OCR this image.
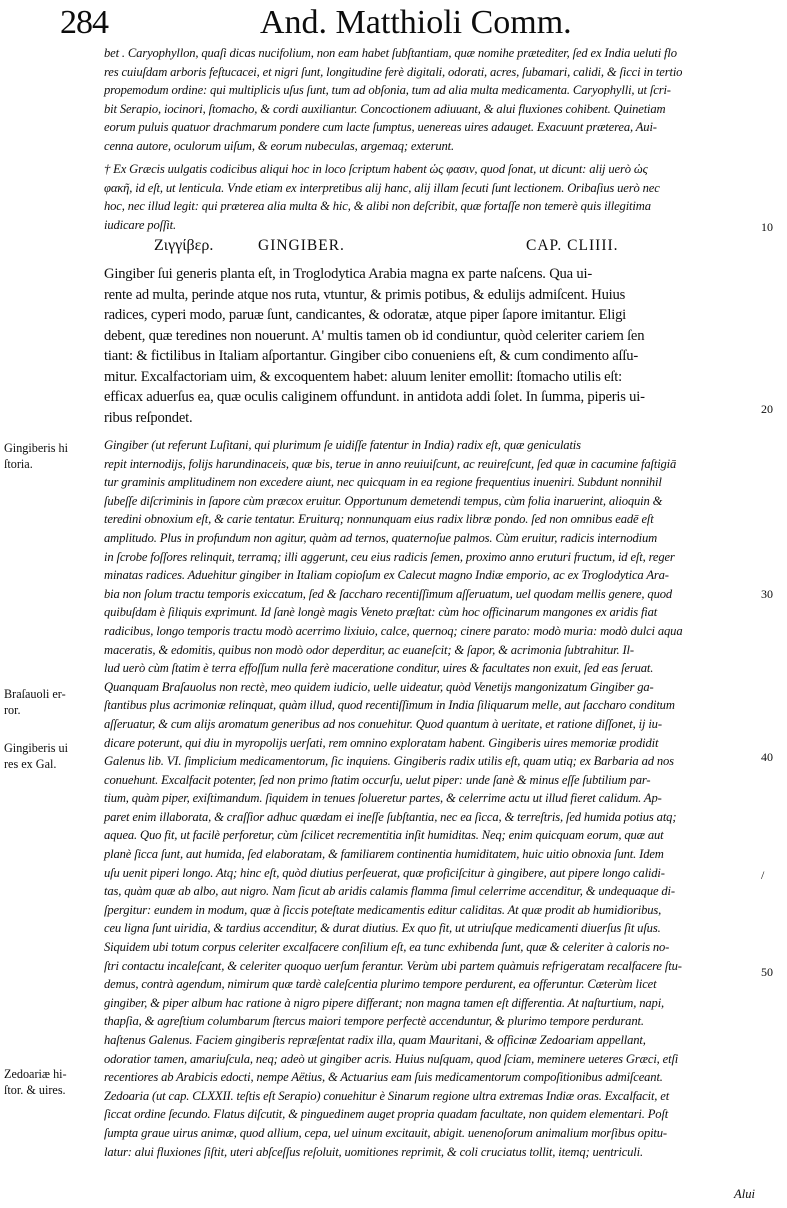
284	And. Matthioli Comm.
bet . Caryophyllon, quaſi dicas nucifolium, non eam habet ſubſtantiam, quæ nomihe prætediter, ſed ex India ueluti flo
res cuiuſdam arboris feſtucacei, et nigri ſunt, longitudine ferè digitali, odorati, acres, ſubamari, calidi, & ſicci in tertio
propemodum ordine: qui multiplicis uſus ſunt, tum ad obſonia, tum ad alia multa medicamenta. Caryophylli, ut ſcri-
bit Serapio, iocinori, ſtomacho, & cordi auxiliantur. Concoctionem adiuuant, & alui fluxiones cohibent. Quinetiam
eorum puluis quatuor drachmarum pondere cum lacte ſumptus, uenereas uires adauget. Exacuunt præterea, Aui-
cenna autore, oculorum uiſum, & eorum nubeculas, argemaq; exterunt.
† Ex Græcis uulgatis codicibus aliqui hoc in loco ſcriptum habent ὡς φασιν, quod ſonat, ut dicunt: alij uerò ὡς
φακῆ, id eſt, ut lenticula. Vnde etiam ex interpretibus alij hanc, alij illam ſecuti ſunt lectionem. Oribaſius uerò nec
hoc, nec illud legit: qui præterea alia multa & hic, & alibi non deſcribit, quæ fortaſſe non temerè quis illegitima
iudicare poſſit.
Ζιγγίβερ.	GINGIBER.	CAP. CLIIII.
Gingiber ſui generis planta eſt, in Troglodytica Arabia magna ex parte naſcens. Qua ui-
rente ad multa, perinde atque nos ruta, vtuntur, & primis potibus, & edulijs admiſcent. Huius
radices, cyperi modo, paruæ ſunt, candicantes, & odoratæ, atque piper ſapore imitantur. Eligi
debent, quæ teredines non nouerunt. A' multis tamen ob id condiuntur, quòd celeriter cariem ſen
tiant: & fictilibus in Italiam aſportantur. Gingiber cibo conueniens eſt, & cum condimento aſſu-
mitur. Excalfactoriam uim, & excoquentem habet: aluum leniter emollit: ſtomacho utilis eſt:
efficax aduerſus ea, quæ oculis caliginem offundunt. in antidota addi ſolet. In ſumma, piperis ui-
ribus reſpondet.
Gingiber (ut referunt Luſitani, qui plurimum ſe uidiſſe fatentur in India) radix eſt, quæ geniculatis
repit internodijs, folijs harundinaceis, quæ bis, terue in anno reuiuiſcunt, ac reuireſcunt, ſed quæ in cacumine faſtigiā
tur graminis amplitudinem non excedere aiunt, nec quicquam in ea regione frequentius inueniri. Subdunt nonnihil
ſubeſſe diſcriminis in ſapore cùm præcox eruitur. Opportunum demetendi tempus, cùm folia inaruerint, alioquin &
teredini obnoxium eſt, & carie tentatur. Eruiturq; nonnunquam eius radix libræ pondo. ſed non omnibus eadē eſt
amplitudo. Plus in profundum non agitur, quàm ad ternos, quaternoſue palmos. Cùm eruitur, radicis internodium
in ſcrobe foſſores relinquit, terramq; illi aggerunt, ceu eius radicis ſemen, proximo anno eruturi fructum, id eſt, reger
minatas radices. Aduehitur gingiber in Italiam copioſum ex Calecut magno Indiæ emporio, ac ex Troglodytica Ara-
bia non ſolum tractu temporis exiccatum, ſed & ſaccharo recentiſſimum aſſeruatum, uel quodam mellis genere, quod
quibuſdam è ſiliquis exprimunt. Id ſanè longè magis Veneto præſtat: cùm hoc officinarum mangones ex aridis fiat
radicibus, longo temporis tractu modò acerrimo lixiuio, calce, quernoq; cinere parato: modò muria: modò dulci aqua
maceratis, & edomitis, quibus non modò odor deperditur, ac euaneſcit; & ſapor, & acrimonia ſubtrahitur. Il-
lud uerò cùm ſtatim è terra effoſſum nulla ferè maceratione conditur, uires & facultates non exuit, ſed eas ſeruat.
Quanquam Braſauolus non rectè, meo quidem iudicio, uelle uideatur, quòd Venetijs mangonizatum Gingiber ga-
ſtantibus plus acrimoniæ relinquat, quàm illud, quod recentiſſimum in India ſiliquarum melle, aut ſaccharo conditum
aſſeruatur, & cum alijs aromatum generibus ad nos conuehitur. Quod quantum à ueritate, et ratione diſſonet, ij iu-
dicare poterunt, qui diu in myropolijs uerſati, rem omnino exploratam habent. Gingiberis uires memoriæ prodidit
Galenus lib. VI. ſimplicium medicamentorum, ſic inquiens. Gingiberis radix utilis eſt, quam utiq; ex Barbaria ad nos
conuehunt. Excalfacit potenter, ſed non primo ſtatim occurſu, uelut piper: unde ſanè & minus eſſe ſubtilium par-
tium, quàm piper, exiſtimandum. ſiquidem in tenues ſolueretur partes, & celerrime actu ut illud fieret calidum. Ap-
paret enim illaborata, & craſſior adhuc quædam ei ineſſe ſubſtantia, nec ea ſicca, & terreſtris, ſed humida potius atq;
aquea. Quo fit, ut facilè perforetur, cùm ſcilicet recrementitia inſit humiditas. Neq; enim quicquam eorum, quæ aut
planè ſicca ſunt, aut humida, ſed elaboratam, & familiarem continentia humiditatem, huic uitio obnoxia ſunt. Idem
uſu uenit piperi longo. Atq; hinc eſt, quòd diutius perſeuerat, quæ proficiſcitur à gingibere, aut pipere longo calidi-
tas, quàm quæ ab albo, aut nigro. Nam ſicut ab aridis calamis flamma ſimul celerrime accenditur, & undequaque di-
ſpergitur: eundem in modum, quæ à ſiccis poteſtate medicamentis editur caliditas. At quæ prodit ab humidioribus,
ceu ligna ſunt uiridia, & tardius accenditur, & durat diutius. Ex quo fit, ut utriuſque medicamenti diuerſus ſit uſus.
Siquidem ubi totum corpus celeriter excalfacere conſilium eſt, ea tunc exhibenda ſunt, quæ & celeriter à caloris no-
ſtri contactu incaleſcant, & celeriter quoquo uerſum ferantur. Verùm ubi partem quàmuis refrigeratam recalfacere ſtu-
demus, contrà agendum, nimirum quæ tardè caleſcentia plurimo tempore perdurent, ea offeruntur. Cæterùm licet
gingiber, & piper album hac ratione à nigro pipere differant; non magna tamen eſt differentia. At naſturtium, napi,
thapſia, & agreſtium columbarum ſtercus maiori tempore perfectè accenduntur, & plurimo tempore perdurant.
haſtenus Galenus. Faciem gingiberis repræſentat radix illa, quam Mauritani, & officinæ Zedoariam appellant,
odoratior tamen, amariuſcula, neq; adeò ut gingiber acris. Huius nuſquam, quod ſciam, meminere ueteres Græci, etſi
recentiores ab Arabicis edocti, nempe Aëtius, & Actuarius eam ſuis medicamentorum compoſitionibus admiſceant.
Zedoaria (ut cap. CLXXII. teſtis eſt Serapio) conuehitur è Sinarum regione ultra extremas Indiæ oras. Excalfacit, et
ſiccat ordine ſecundo. Flatus diſcutit, & pinguedinem auget propria quadam facultate, non quidem elementari. Poſt
ſumpta graue uirus animæ, quod allium, cepa, uel uinum excitauit, abigit. uenenoſorum animalium morſibus opitu-
latur: alui fluxiones ſiſtit, uteri abſceſſus reſoluit, uomitiones reprimit, & coli cruciatus tollit, itemq; uentriculi.
Gingiberis hi
ſtoria.
Braſauoli er-
ror.
Gingiberis ui
res ex Gal.
Zedoariæ hi-
ſtor. & uires.
10
20
30
40
50
/
Alui
